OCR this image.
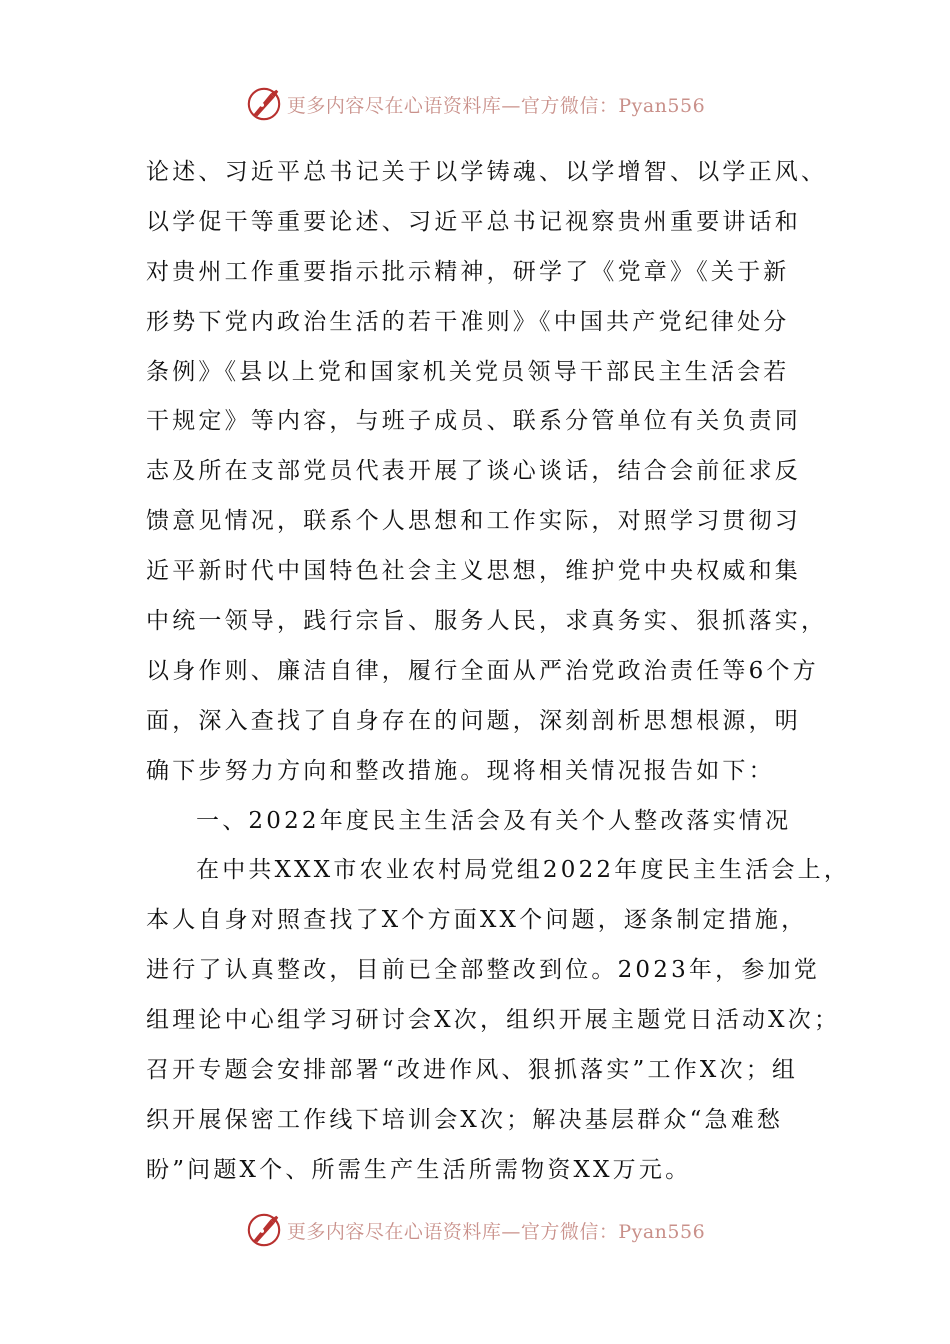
更多内容尽在心语资料库—官方微信：Pyan556
论述、习近平总书记关于以学铸魂、以学增智、以学正风、
以学促干等重要论述、习近平总书记视察贵州重要讲话和
对贵州工作重要指示批示精神，研学了《党章》《关于新
形势下党内政治生活的若干准则》《中国共产党纪律处分
条例》《县以上党和国家机关党员领导干部民主生活会若
干规定》等内容，与班子成员、联系分管单位有关负责同
志及所在支部党员代表开展了谈心谈话，结合会前征求反
馈意见情况，联系个人思想和工作实际，对照学习贯彻习
近平新时代中国特色社会主义思想，维护党中央权威和集
中统一领导，践行宗旨、服务人民，求真务实、狠抓落实，
以身作则、廉洁自律，履行全面从严治党政治责任等6个方
面，深入查找了自身存在的问题，深刻剖析思想根源，明
确下步努力方向和整改措施。现将相关情况报告如下：
一、2022年度民主生活会及有关个人整改落实情况
在中共XXX市农业农村局党组2022年度民主生活会上，
本人自身对照查找了X个方面XX个问题，逐条制定措施，
进行了认真整改，目前已全部整改到位。2023年，参加党
组理论中心组学习研讨会X次，组织开展主题党日活动X次；
召开专题会安排部署“改进作风、狠抓落实”工作X次；组
织开展保密工作线下培训会X次；解决基层群众“急难愁
盼”问题X个、所需生产生活所需物资XX万元。
更多内容尽在心语资料库—官方微信：Pyan556
